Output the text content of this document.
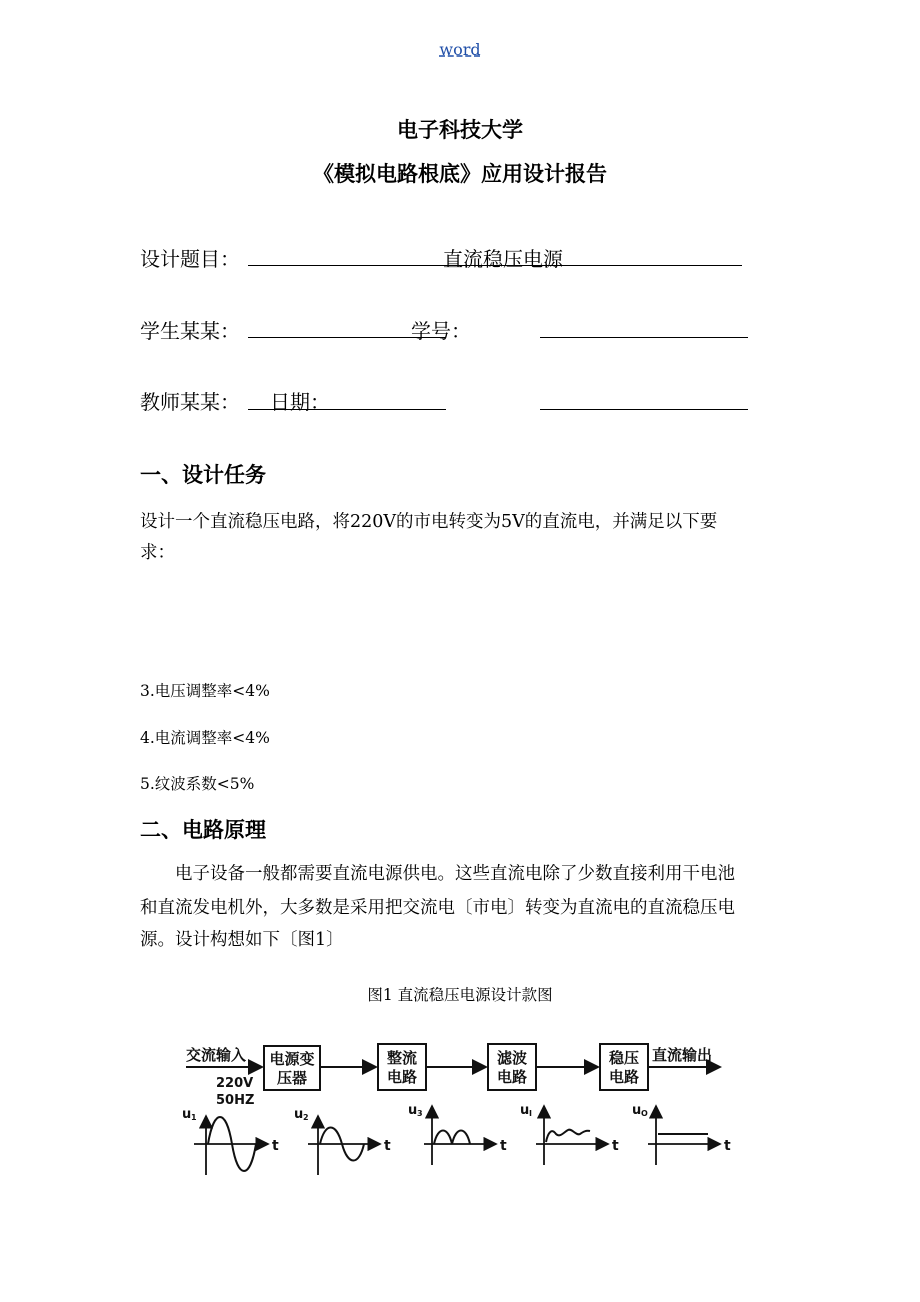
word
电子科技大学
《模拟电路根底》应用设计报告
设计题目：	直流稳压电源
学生某某：	学号：
教师某某： 日期：
一、设计任务
设计一个直流稳压电路，将220V的市电转变为5V的直流电，并满足以下要
求：
3.电压调整率<4%
4.电流调整率<4%
5.纹波系数<5%
二、电路原理
电子设备一般都需要直流电源供电。这些直流电除了少数直接利用干电池
和直流发电机外，大多数是采用把交流电〔市电〕转变为直流电的直流稳压电
源。设计构想如下〔图1〕
图1 直流稳压电源设计款图
交流输入
220V
50HZ
电源变
压器
整流
电路
滤波
电路
稳压
电路
直流输出
u 1
t
u 2
t
u 3
t
u I
t
u O
t
